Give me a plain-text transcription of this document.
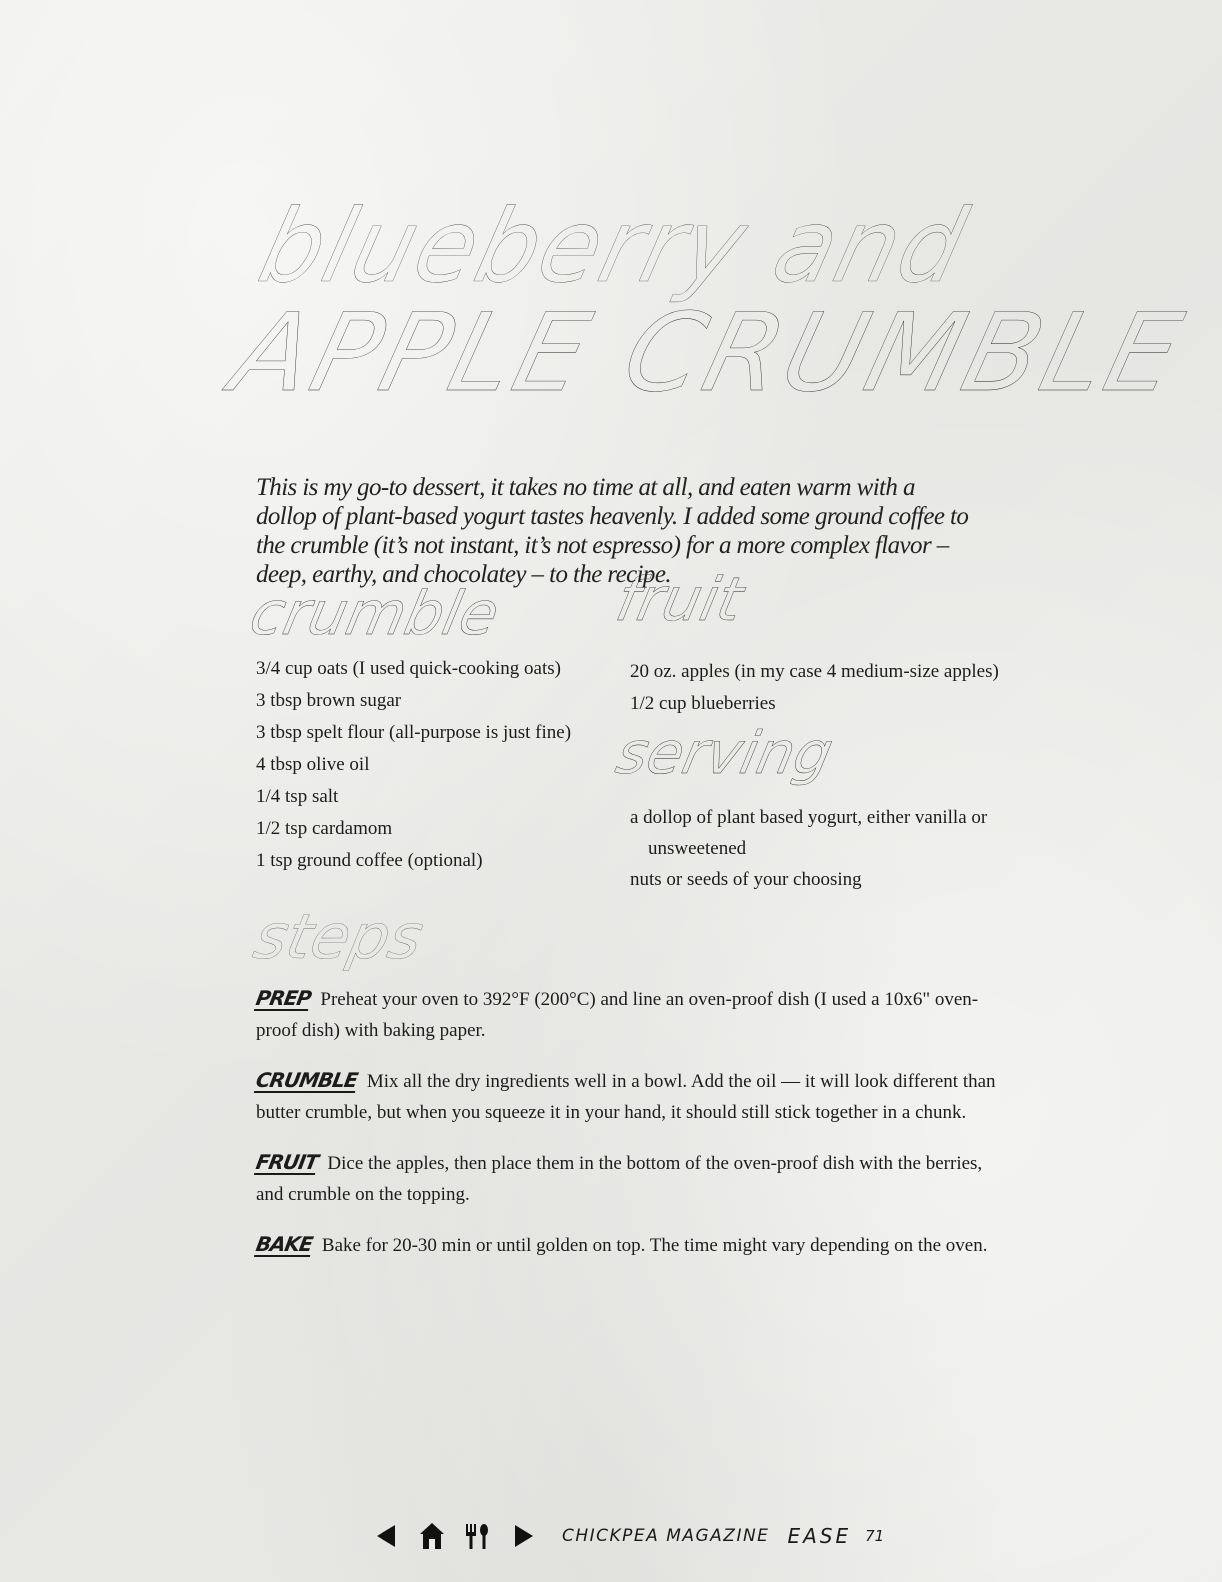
blueberry and
APPLE CRUMBLE

This is my go-to dessert, it takes no time at all, and eaten warm with a dollop of plant-based yogurt tastes heavenly. I added some ground coffee to the crumble (it’s not instant, it’s not espresso) for a more complex flavor – deep, earthy, and chocolatey – to the recipe.

crumble
3/4 cup oats (I used quick-cooking oats)
3 tbsp brown sugar
3 tbsp spelt flour (all-purpose is just fine)
4 tbsp olive oil
1/4 tsp salt
1/2 tsp cardamom
1 tsp ground coffee (optional)
fruit
20 oz. apples (in my case 4 medium-size apples)
1/2 cup blueberries
serving
a dollop of plant based yogurt, either vanilla or unsweetened
nuts or seeds of your choosing
steps
PREP Preheat your oven to 392°F (200°C) and line an oven-proof dish (I used a 10x6" oven-proof dish) with baking paper.
CRUMBLE Mix all the dry ingredients well in a bowl. Add the oil — it will look different than butter crumble, but when you squeeze it in your hand, it should still stick together in a chunk.
FRUIT Dice the apples, then place them in the bottom of the oven-proof dish with the berries, and crumble on the topping.
BAKE Bake for 20-30 min or until golden on top. The time might vary depending on the oven.
CHICKPEA MAGAZINE EASE 71
